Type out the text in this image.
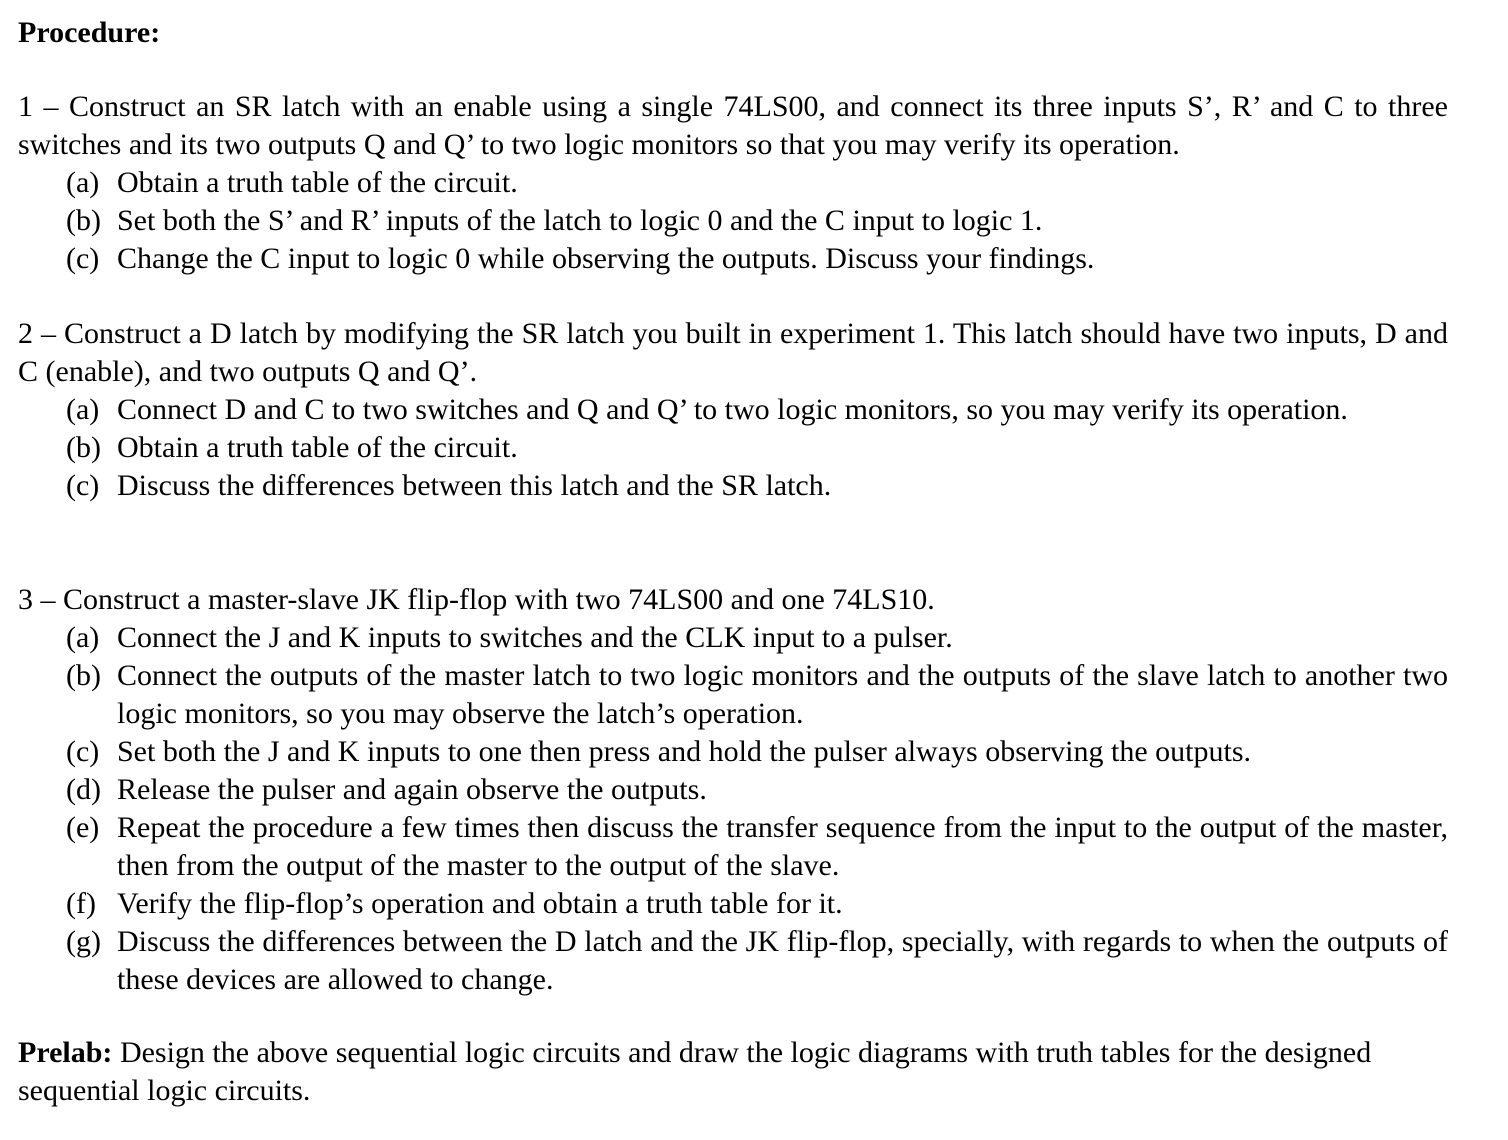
Procedure:

1 – Construct an SR latch with an enable using a single 74LS00, and connect its three inputs S’, R’ and C to three switches and its two outputs Q and Q’ to two logic monitors so that you may verify its operation.

(a) Obtain a truth table of the circuit.
(b) Set both the S’ and R’ inputs of the latch to logic 0 and the C input to logic 1.
(c) Change the C input to logic 0 while observing the outputs. Discuss your findings.

2 – Construct a D latch by modifying the SR latch you built in experiment 1. This latch should have two inputs, D and C (enable), and two outputs Q and Q’.

(a) Connect D and C to two switches and Q and Q’ to two logic monitors, so you may verify its operation.
(b) Obtain a truth table of the circuit.
(c) Discuss the differences between this latch and the SR latch.

3 – Construct a master-slave JK flip-flop with two 74LS00 and one 74LS10.

(a) Connect the J and K inputs to switches and the CLK input to a pulser.
(b) Connect the outputs of the master latch to two logic monitors and the outputs of the slave latch to another two logic monitors, so you may observe the latch’s operation.
(c) Set both the J and K inputs to one then press and hold the pulser always observing the outputs.
(d) Release the pulser and again observe the outputs.
(e) Repeat the procedure a few times then discuss the transfer sequence from the input to the output of the master, then from the output of the master to the output of the slave.
(f) Verify the flip-flop’s operation and obtain a truth table for it.
(g) Discuss the differences between the D latch and the JK flip-flop, specially, with regards to when the outputs of these devices are allowed to change.

Prelab: Design the above sequential logic circuits and draw the logic diagrams with truth tables for the designed sequential logic circuits.
